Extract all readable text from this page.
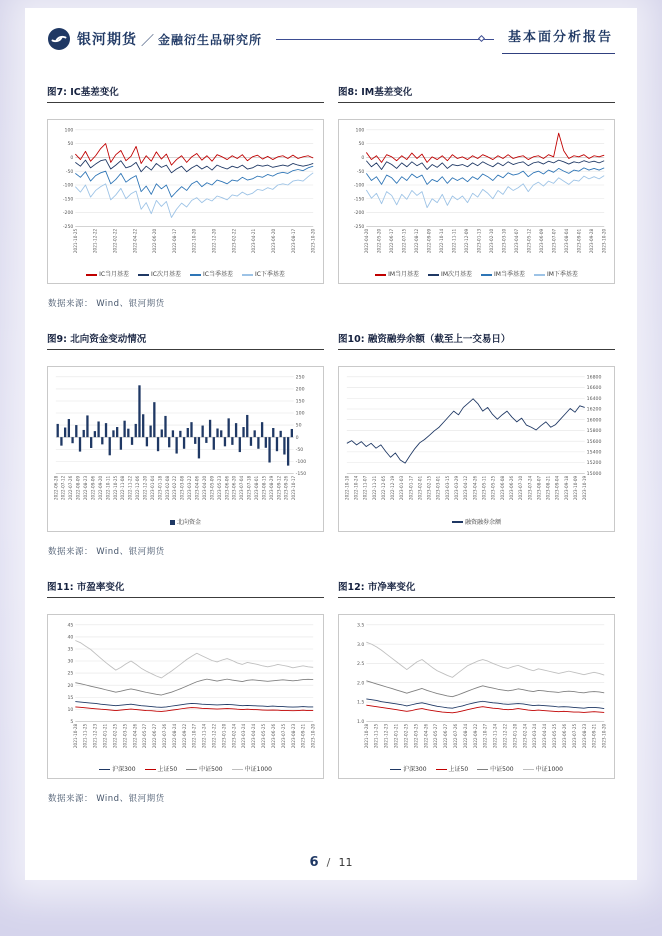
银河期货 ／ 金融衍生品研究所	基本面分析报告
图7: IC基差变化
100
50
0
-50
-100
-150
-200
-250
2021-10-25	2021-12-22	2022-02-22	2022-04-22	2022-06-20	2022-08-17	2022-10-20	2022-12-20	2023-02-22	2023-04-21	2023-06-20	2023-08-17	2023-10-20
IC当月基差	IC次月基差	IC当季基差	IC下季基差
图8: IM基差变化
100
50
0
-50
-100
-150
-200
-250
2022-04-20 2022-05-20 2022-06-17 2022-07-15 2022-08-12 2022-09-09 2022-10-14 2022-11-11 2022-12-09 2023-01-13 2023-02-10 2023-03-10 2023-04-07 2023-05-12 2023-06-09 2023-07-07 2023-08-04 2023-09-01 2023-09-28 2023-10-20
IM当月基差	IM次月基差	IM当季基差	IM下季基差
数据来源： Wind、银河期货
图9: 北向资金变动情况
250
200
150
100
50
0
-50
-100
-150
2022-06-28 2022-07-12 2022-07-26 2022-08-09 2022-08-23 2022-09-06 2022-09-20 2022-10-11 2022-10-25 2022-11-08 2022-11-22 2022-12-06 2022-12-20 2023-01-04 2023-01-18 2023-02-08 2023-02-22 2023-03-08 2023-03-22 2023-04-06 2023-04-20 2023-05-09 2023-05-23 2023-06-06 2023-06-20 2023-07-04 2023-07-18 2023-08-01 2023-08-15 2023-08-29 2023-09-12 2023-09-26 2023-10-17
北向资金
图10: 融资融券余额（截至上一交易日）
16800
16600
16400
16200
16000
15800
15600
15400
15200
15000
2022-10-10 2022-10-24 2022-11-07 2022-11-21 2022-12-05 2022-12-19 2023-01-03 2023-01-17 2023-02-01 2023-02-15 2023-03-01 2023-03-15 2023-03-29 2023-04-12 2023-04-26 2023-05-11 2023-05-25 2023-06-08 2023-06-26 2023-07-10 2023-07-24 2023-08-07 2023-08-21 2023-09-04 2023-09-18 2023-10-09 2023-10-19
融资融券余额
数据来源： Wind、银河期货
图11: 市盈率变化
45
40
35
30
25
20
15
10
5
2021-10-28 2021-11-25 2021-12-23 2022-01-21 2022-02-25 2022-03-25 2022-04-26 2022-05-27 2022-06-27 2022-07-26 2022-08-24 2022-09-22 2022-10-27 2022-11-24 2022-12-22 2023-01-20 2023-02-24 2023-03-24 2023-04-24 2023-05-25 2023-06-26 2023-07-25 2023-08-23 2023-09-21 2023-10-20
沪深300	上证50	中证500	中证1000
图12: 市净率变化
3.5
3.0
2.5
2.0
1.5
1.0
2021-10-28 2021-11-25 2021-12-23 2022-01-21 2022-02-25 2022-03-25 2022-04-26 2022-05-27 2022-06-27 2022-07-26 2022-08-24 2022-09-22 2022-10-27 2022-11-24 2022-12-22 2023-01-20 2023-02-24 2023-03-24 2023-04-24 2023-05-25 2023-06-26 2023-07-25 2023-08-23 2023-09-21 2023-10-20
沪深300	上证50	中证500	中证1000
数据来源： Wind、银河期货
6 / 11
